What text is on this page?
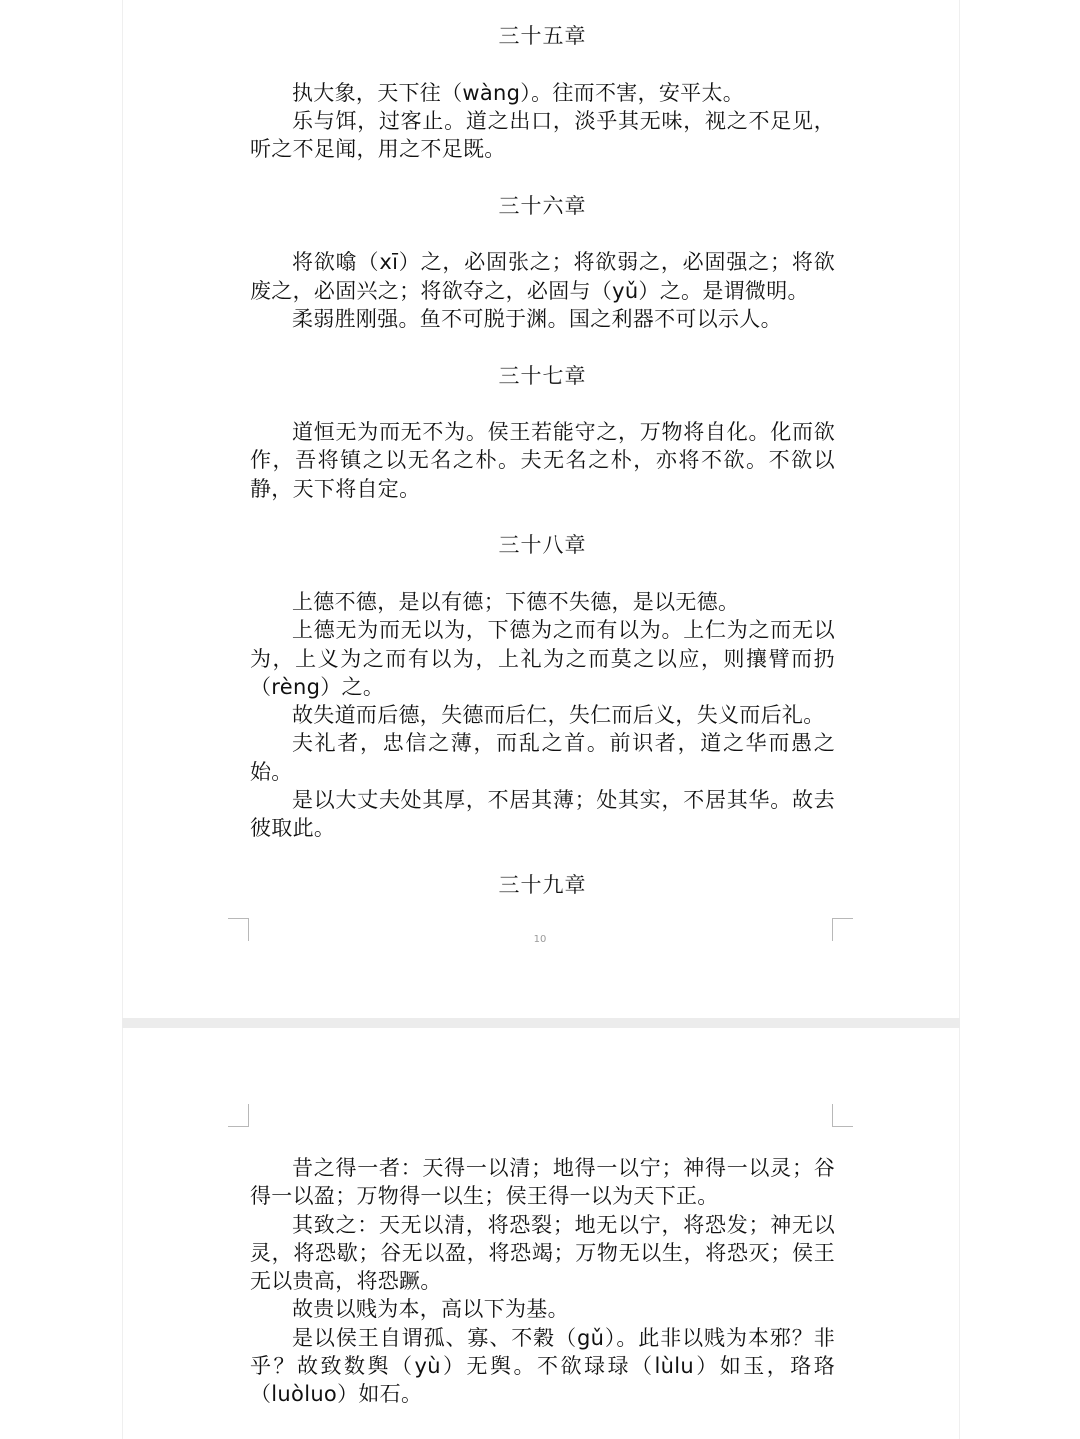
三十五章

执大象，天下往（wàng）。往而不害，安平太。

乐与饵，过客止。道之出口，淡乎其无味，视之不足见，听之不足闻，用之不足既。

三十六章

将欲噏（xī）之，必固张之；将欲弱之，必固强之；将欲废之，必固兴之；将欲夺之，必固与（yǔ）之。是谓微明。

柔弱胜刚强。鱼不可脱于渊。国之利器不可以示人。

三十七章

道恒无为而无不为。侯王若能守之，万物将自化。化而欲作，吾将镇之以无名之朴。夫无名之朴，亦将不欲。不欲以静，天下将自定。

三十八章

上德不德，是以有德；下德不失德，是以无德。

上德无为而无以为，下德为之而有以为。上仁为之而无以为，上义为之而有以为，上礼为之而莫之以应，则攘臂而扔（rèng）之。

故失道而后德，失德而后仁，失仁而后义，失义而后礼。

夫礼者，忠信之薄，而乱之首。前识者，道之华而愚之始。

是以大丈夫处其厚，不居其薄；处其实，不居其华。故去彼取此。

三十九章
10

昔之得一者：天得一以清；地得一以宁；神得一以灵；谷得一以盈；万物得一以生；侯王得一以为天下正。

其致之：天无以清，将恐裂；地无以宁，将恐发；神无以灵，将恐歇；谷无以盈，将恐竭；万物无以生，将恐灭；侯王无以贵高，将恐蹶。

故贵以贱为本，高以下为基。

是以侯王自谓孤、寡、不穀（gǔ）。此非以贱为本邪？非乎？故致数舆（yù）无舆。不欲琭琭（lùlu）如玉，珞珞（luòluo）如石。
